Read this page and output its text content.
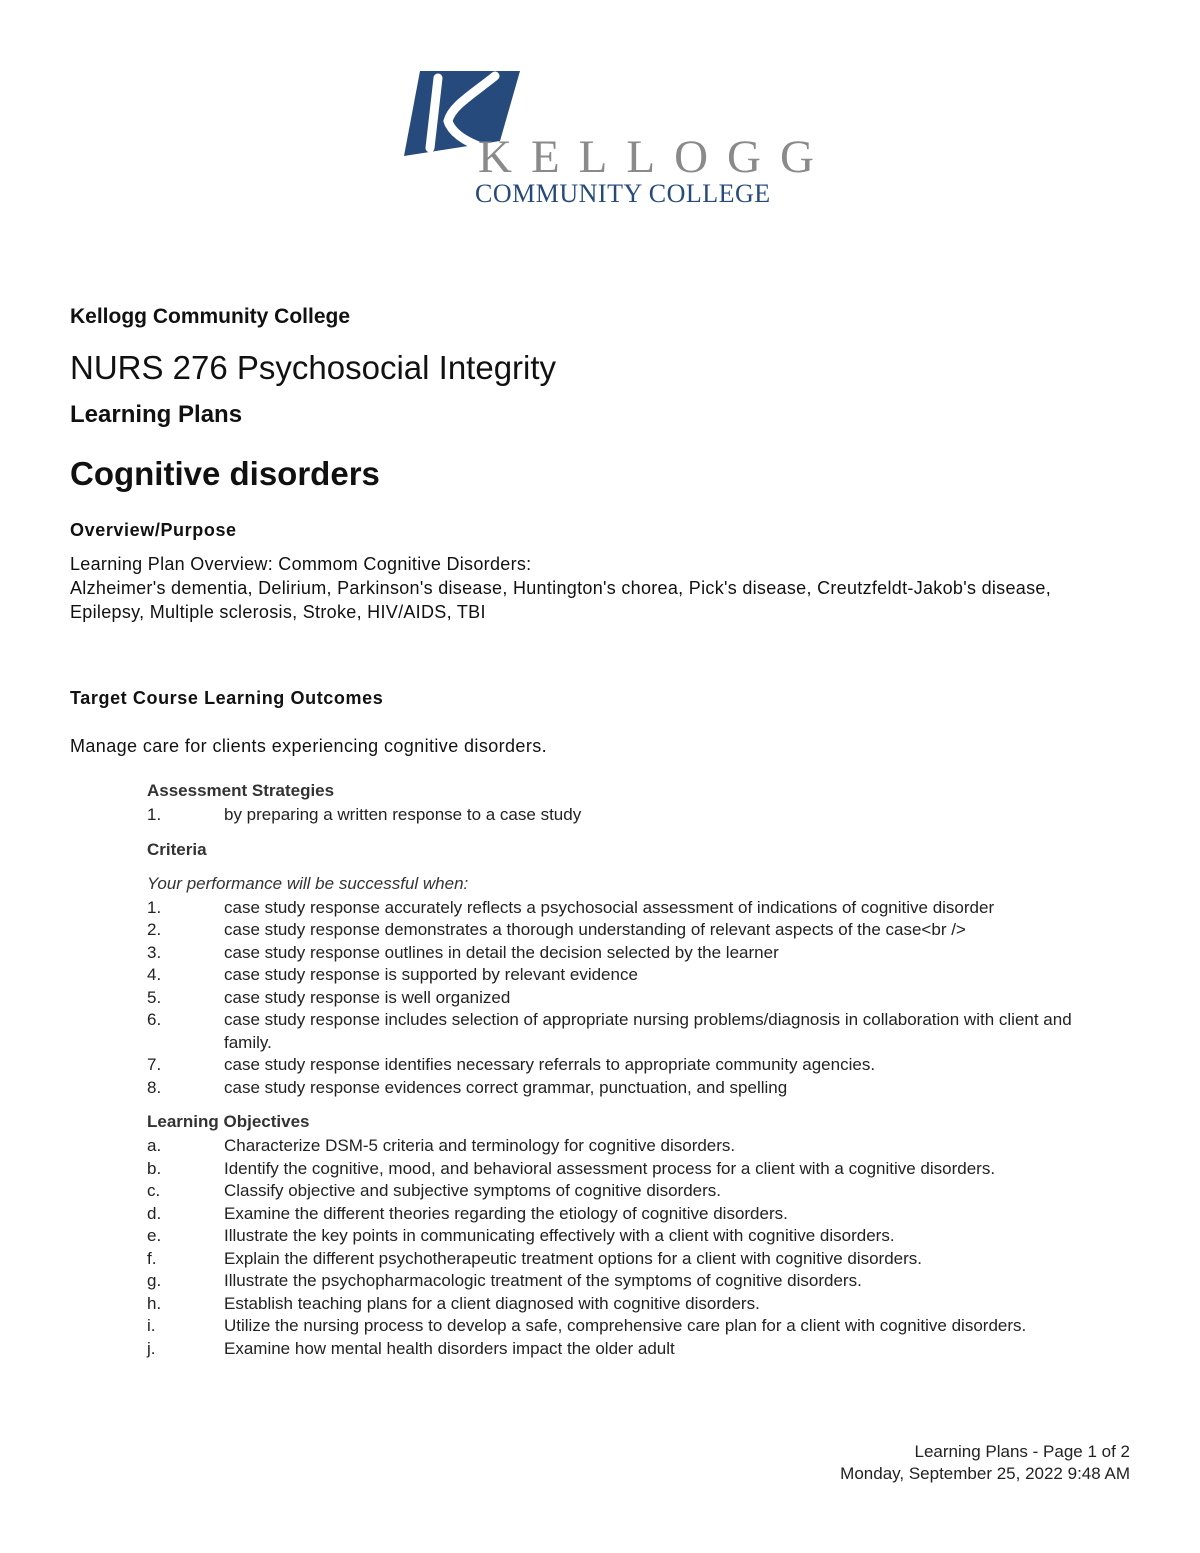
KELLOGG
COMMUNITY COLLEGE
Kellogg Community College
NURS 276 Psychosocial Integrity
Learning Plans
Cognitive disorders
Overview/Purpose
Learning Plan Overview: Commom Cognitive Disorders:
Alzheimer's dementia, Delirium, Parkinson's disease, Huntington's chorea, Pick's disease, Creutzfeldt-Jakob's disease, Epilepsy, Multiple sclerosis, Stroke, HIV/AIDS, TBI
Target Course Learning Outcomes

Manage care for clients experiencing cognitive disorders.

Assessment Strategies
1.	by preparing a written response to a case study
Criteria
Your performance will be successful when:
1.	case study response accurately reflects a psychosocial assessment of indications of cognitive disorder
2.	case study response demonstrates a thorough understanding of relevant aspects of the case<br />
3.	case study response outlines in detail the decision selected by the learner
4.	case study response is supported by relevant evidence
5.	case study response is well organized
6.	case study response includes selection of appropriate nursing problems/diagnosis in collaboration with client and family.
7.	case study response identifies necessary referrals to appropriate community agencies.
8.	case study response evidences correct grammar, punctuation, and spelling
Learning Objectives
a.	Characterize DSM-5 criteria and terminology for cognitive disorders.
b.	Identify the cognitive, mood, and behavioral assessment process for a client with a cognitive disorders.
c.	Classify objective and subjective symptoms of cognitive disorders.
d.	Examine the different theories regarding the etiology of cognitive disorders.
e.	Illustrate the key points in communicating effectively with a client with cognitive disorders.
f.	Explain the different psychotherapeutic treatment options for a client with cognitive disorders.
g.	Illustrate the psychopharmacologic treatment of the symptoms of cognitive disorders.
h.	Establish teaching plans for a client diagnosed with cognitive disorders.
i.	Utilize the nursing process to develop a safe, comprehensive care plan for a client with cognitive disorders.
j.	Examine how mental health disorders impact the older adult
Learning Plans - Page 1 of 2
Monday, September 25, 2022 9:48 AM
